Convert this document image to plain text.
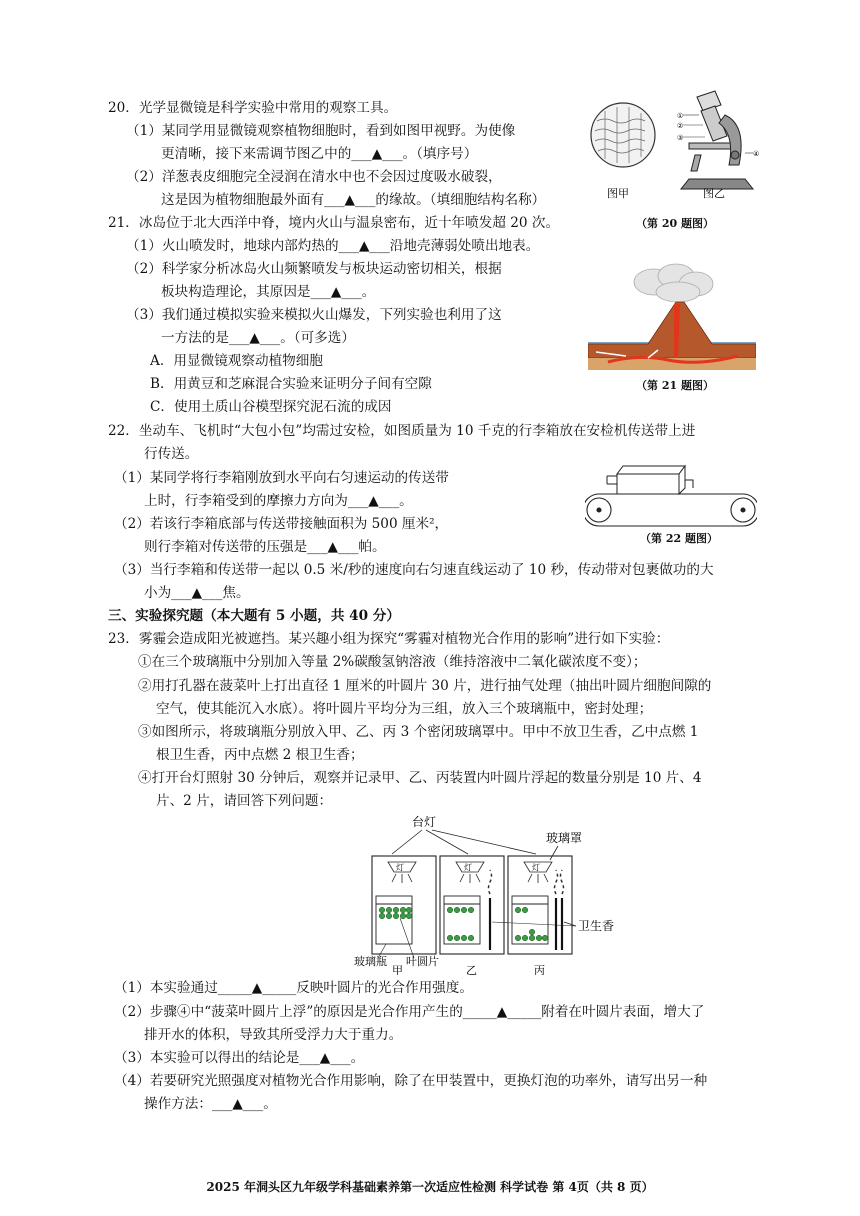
20．光学显微镜是科学实验中常用的观察工具。
（1）某同学用显微镜观察植物细胞时，看到如图甲视野。为使像
更清晰，接下来需调节图乙中的___▲___。（填序号）
（2）洋葱表皮细胞完全浸润在清水中也不会因过度吸水破裂，
这是因为植物细胞最外面有___▲___的缘故。（填细胞结构名称）
①
②
③
④
图甲	图乙
（第 20 题图）
21．冰岛位于北大西洋中脊，境内火山与温泉密布，近十年喷发超 20 次。
（1）火山喷发时，地球内部灼热的___▲___沿地壳薄弱处喷出地表。
（2）科学家分析冰岛火山频繁喷发与板块运动密切相关，根据
板块构造理论，其原因是___▲___。
（3）我们通过模拟实验来模拟火山爆发，下列实验也利用了这
一方法的是___▲___。（可多选）
A．用显微镜观察动植物细胞
B．用黄豆和芝麻混合实验来证明分子间有空隙
C．使用土质山谷模型探究泥石流的成因
（第 21 题图）
22．坐动车、飞机时“大包小包”均需过安检，如图质量为 10 千克的行李箱放在安检机传送带上进
行传送。
（1）某同学将行李箱刚放到水平向右匀速运动的传送带
上时，行李箱受到的摩擦力方向为___▲___。
（2）若该行李箱底部与传送带接触面积为 500 厘米²，
则行李箱对传送带的压强是___▲___帕。
（3）当行李箱和传送带一起以 0.5 米/秒的速度向右匀速直线运动了 10 秒，传动带对包裹做功的大
小为___▲___焦。
（第 22 题图）
三、实验探究题（本大题有 5 小题，共 40 分）
23．雾霾会造成阳光被遮挡。某兴趣小组为探究“雾霾对植物光合作用的影响”进行如下实验：
①在三个玻璃瓶中分别加入等量 2%碳酸氢钠溶液（维持溶液中二氧化碳浓度不变）；
②用打孔器在菠菜叶上打出直径 1 厘米的叶圆片 30 片，进行抽气处理（抽出叶圆片细胞间隙的
空气，使其能沉入水底）。将叶圆片平均分为三组，放入三个玻璃瓶中，密封处理；
③如图所示，将玻璃瓶分别放入甲、乙、丙 3 个密闭玻璃罩中。甲中不放卫生香，乙中点燃 1
根卫生香，丙中点燃 2 根卫生香；
④打开台灯照射 30 分钟后，观察并记录甲、乙、丙装置内叶圆片浮起的数量分别是 10 片、4
片、2 片，请回答下列问题：
台灯
玻璃罩
灯	灯	灯
卫生香
玻璃瓶 叶圆片
甲	乙	丙
（1）本实验通过_____▲_____反映叶圆片的光合作用强度。
（2）步骤④中“菠菜叶圆片上浮”的原因是光合作用产生的_____▲_____附着在叶圆片表面，增大了
排开水的体积，导致其所受浮力大于重力。
（3）本实验可以得出的结论是___▲___。
（4）若要研究光照强度对植物光合作用影响，除了在甲装置中，更换灯泡的功率外，请写出另一种
操作方法：___▲___。
2025 年洞头区九年级学科基础素养第一次适应性检测 科学试卷 第 4页（共 8 页）
